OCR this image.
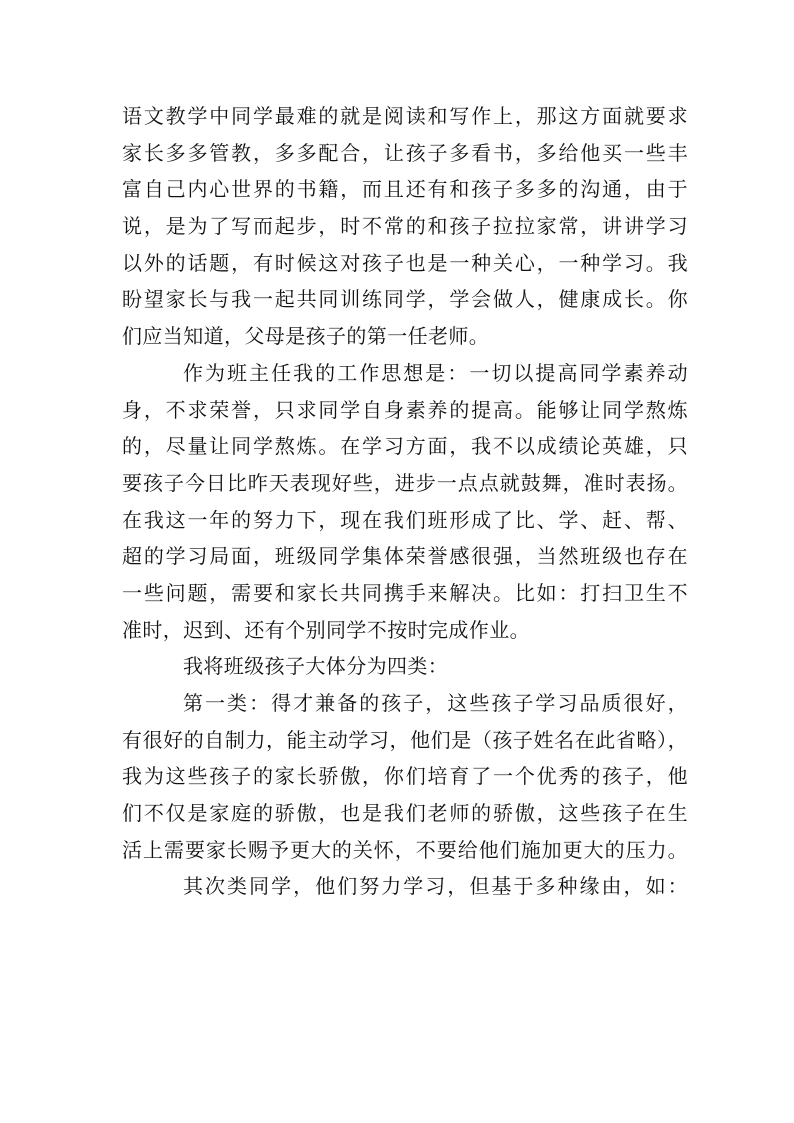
语文教学中同学最难的就是阅读和写作上，那这方面就要求
家长多多管教，多多配合，让孩子多看书，多给他买一些丰
富自己内心世界的书籍，而且还有和孩子多多的沟通，由于
说，是为了写而起步，时不常的和孩子拉拉家常，讲讲学习
以外的话题，有时候这对孩子也是一种关心，一种学习。我
盼望家长与我一起共同训练同学，学会做人，健康成长。你
们应当知道，父母是孩子的第一任老师。
作为班主任我的工作思想是：一切以提高同学素养动
身，不求荣誉，只求同学自身素养的提高。能够让同学熬炼
的，尽量让同学熬炼。在学习方面，我不以成绩论英雄，只
要孩子今日比昨天表现好些，进步一点点就鼓舞，准时表扬。
在我这一年的努力下，现在我们班形成了比、学、赶、帮、
超的学习局面，班级同学集体荣誉感很强，当然班级也存在
一些问题，需要和家长共同携手来解决。比如：打扫卫生不
准时，迟到、还有个别同学不按时完成作业。
我将班级孩子大体分为四类：
第一类：得才兼备的孩子，这些孩子学习品质很好，
有很好的自制力，能主动学习，他们是（孩子姓名在此省略），
我为这些孩子的家长骄傲，你们培育了一个优秀的孩子，他
们不仅是家庭的骄傲，也是我们老师的骄傲，这些孩子在生
活上需要家长赐予更大的关怀，不要给他们施加更大的压力。
其次类同学，他们努力学习，但基于多种缘由，如：
